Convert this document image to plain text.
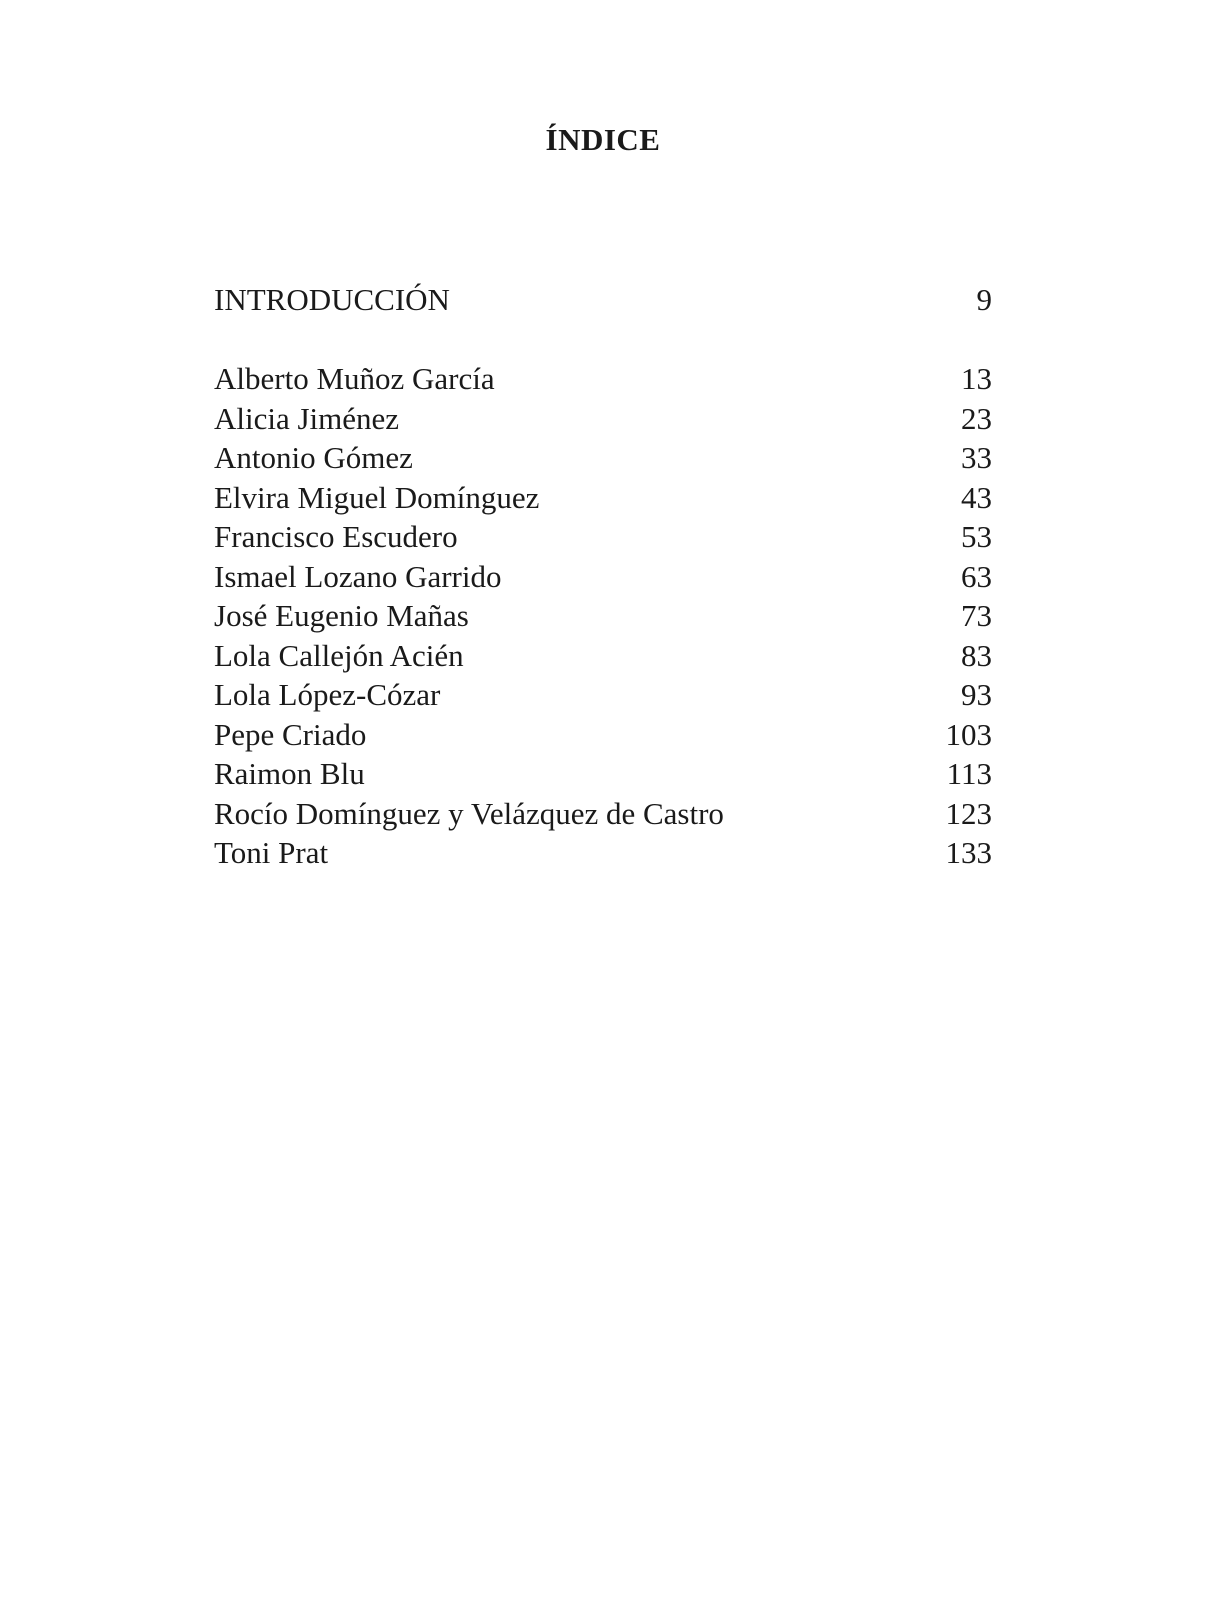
ÍNDICE
INTRODUCCIÓN	9
Alberto Muñoz García	13
Alicia Jiménez	23
Antonio Gómez	33
Elvira Miguel Domínguez	43
Francisco Escudero	53
Ismael Lozano Garrido	63
José Eugenio Mañas	73
Lola Callejón Acién	83
Lola López-Cózar	93
Pepe Criado	103
Raimon Blu	113
Rocío Domínguez y Velázquez de Castro	123
Toni Prat	133
